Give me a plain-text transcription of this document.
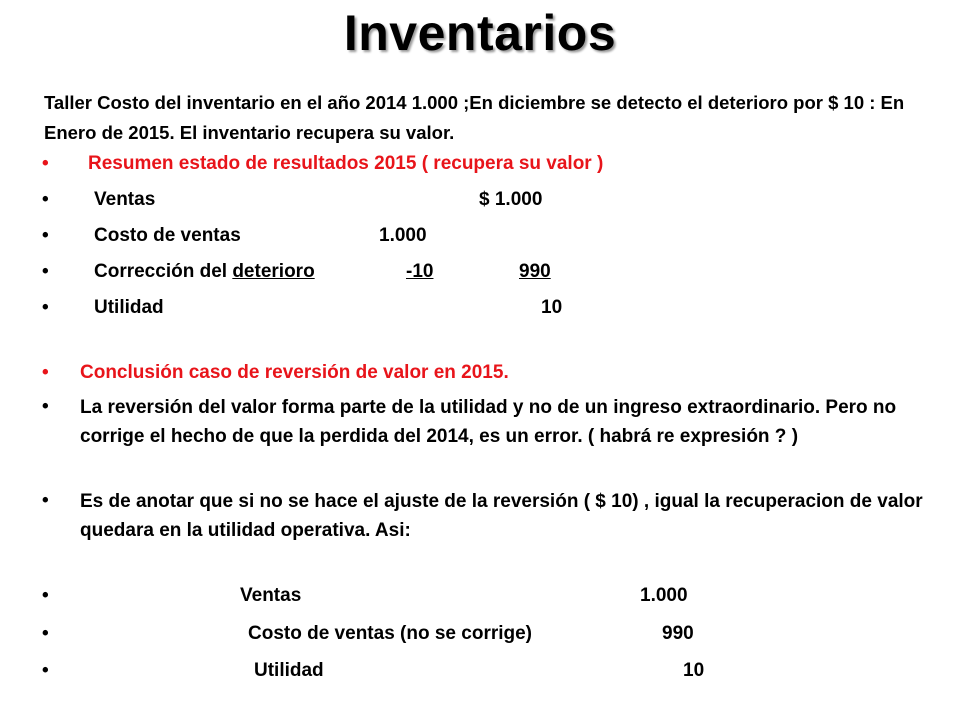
Inventarios
Taller Costo del inventario en el año 2014 1.000 ;En diciembre se detecto el deterioro por $ 10 : En Enero de 2015. El inventario recupera su valor.
• Resumen estado de resultados 2015 ( recupera su valor )
• Ventas	$ 1.000
• Costo de ventas	1.000
• Corrección del deterioro	-10	990
• Utilidad	10
• Conclusión caso de reversión de valor en 2015.
• La reversión del valor forma parte de la utilidad y no de un ingreso extraordinario. Pero no corrige el hecho de que la perdida del 2014, es un error. ( habrá re expresión ? )
• Es de anotar que si no se hace el ajuste de la reversión ( $ 10) , igual la recuperacion de valor quedara en la utilidad operativa. Asi:
•	Ventas	1.000
•	Costo de ventas (no se corrige)	990
•	Utilidad	10
